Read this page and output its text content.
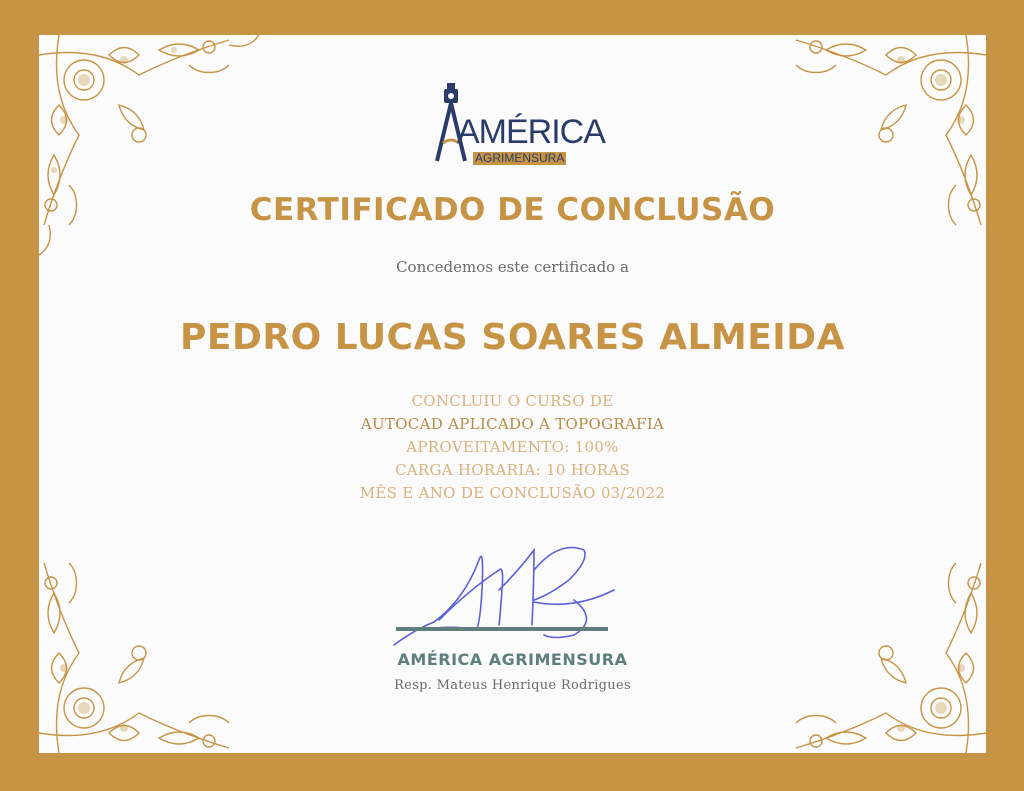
AMÉRICA
AGRIMENSURA
CERTIFICADO DE CONCLUSÃO
Concedemos este certificado a
PEDRO LUCAS SOARES ALMEIDA
CONCLUIU O CURSO DE
AUTOCAD APLICADO A TOPOGRAFIA
APROVEITAMENTO: 100%
CARGA HORARIA: 10 HORAS
MÊS E ANO DE CONCLUSÃO 03/2022
AMÉRICA AGRIMENSURA
Resp. Mateus Henrique Rodrigues
